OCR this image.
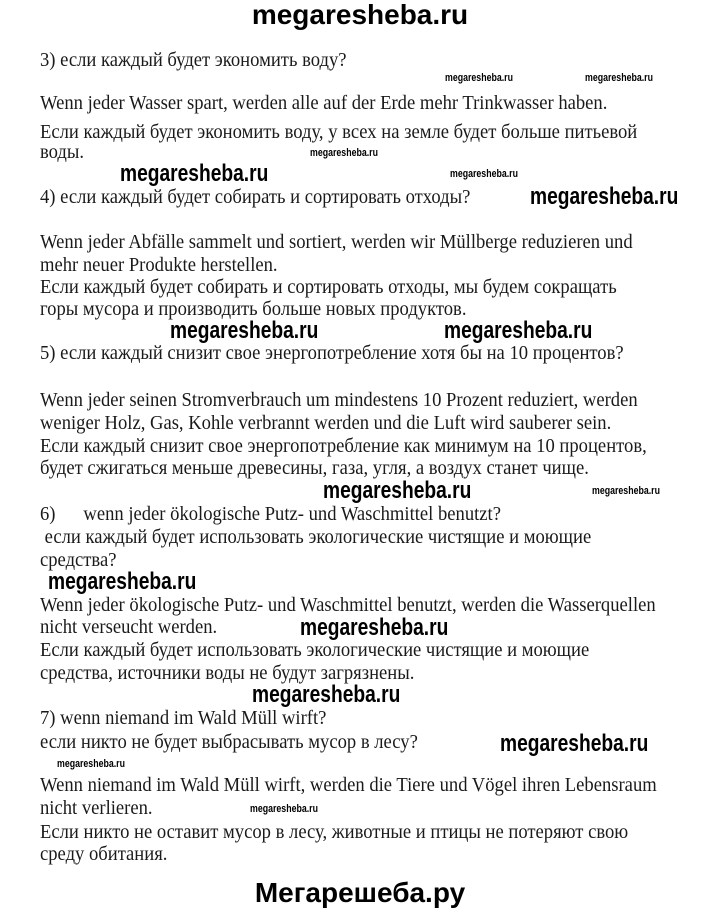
megaresheba.ru
3) если каждый будет экономить воду?
Wenn jeder Wasser spart, werden alle auf der Erde mehr Trinkwasser haben.
Если каждый будет экономить воду, у всех на земле будет больше питьевой
воды.
4) если каждый будет собирать и сортировать отходы?
Wenn jeder Abfälle sammelt und sortiert, werden wir Müllberge reduzieren und
mehr neuer Produkte herstellen.
Если каждый будет собирать и сортировать отходы, мы будем сокращать
горы мусора и производить больше новых продуктов.
5) если каждый снизит свое энергопотребление хотя бы на 10 процентов?
Wenn jeder seinen Stromverbrauch um mindestens 10 Prozent reduziert, werden
weniger Holz, Gas, Kohle verbrannt werden und die Luft wird sauberer sein.
Если каждый снизит свое энергопотребление как минимум на 10 процентов,
будет сжигаться меньше древесины, газа, угля, а воздух станет чище.
6)      wenn jeder ökologische Putz- und Waschmittel benutzt?
если каждый будет использовать экологические чистящие и моющие
средства?
Wenn jeder ökologische Putz- und Waschmittel benutzt, werden die Wasserquellen
nicht verseucht werden.
Если каждый будет использовать экологические чистящие и моющие
средства, источники воды не будут загрязнены.
7) wenn niemand im Wald Müll wirft?
если никто не будет выбрасывать мусор в лесу?
Wenn niemand im Wald Müll wirft, werden die Tiere und Vögel ihren Lebensraum
nicht verlieren.
Если никто не оставит мусор в лесу, животные и птицы не потеряют свою
среду обитания.
megaresheba.ru	megaresheba.ru
megaresheba.ru
megaresheba.ru	megaresheba.ru
megaresheba.ru
megaresheba.ru	megaresheba.ru
megaresheba.ru
megaresheba.ru
megaresheba.ru
megaresheba.ru
megaresheba.ru
megaresheba.ru
megaresheba.ru
megaresheba.ru
Мегарешеба.ру
